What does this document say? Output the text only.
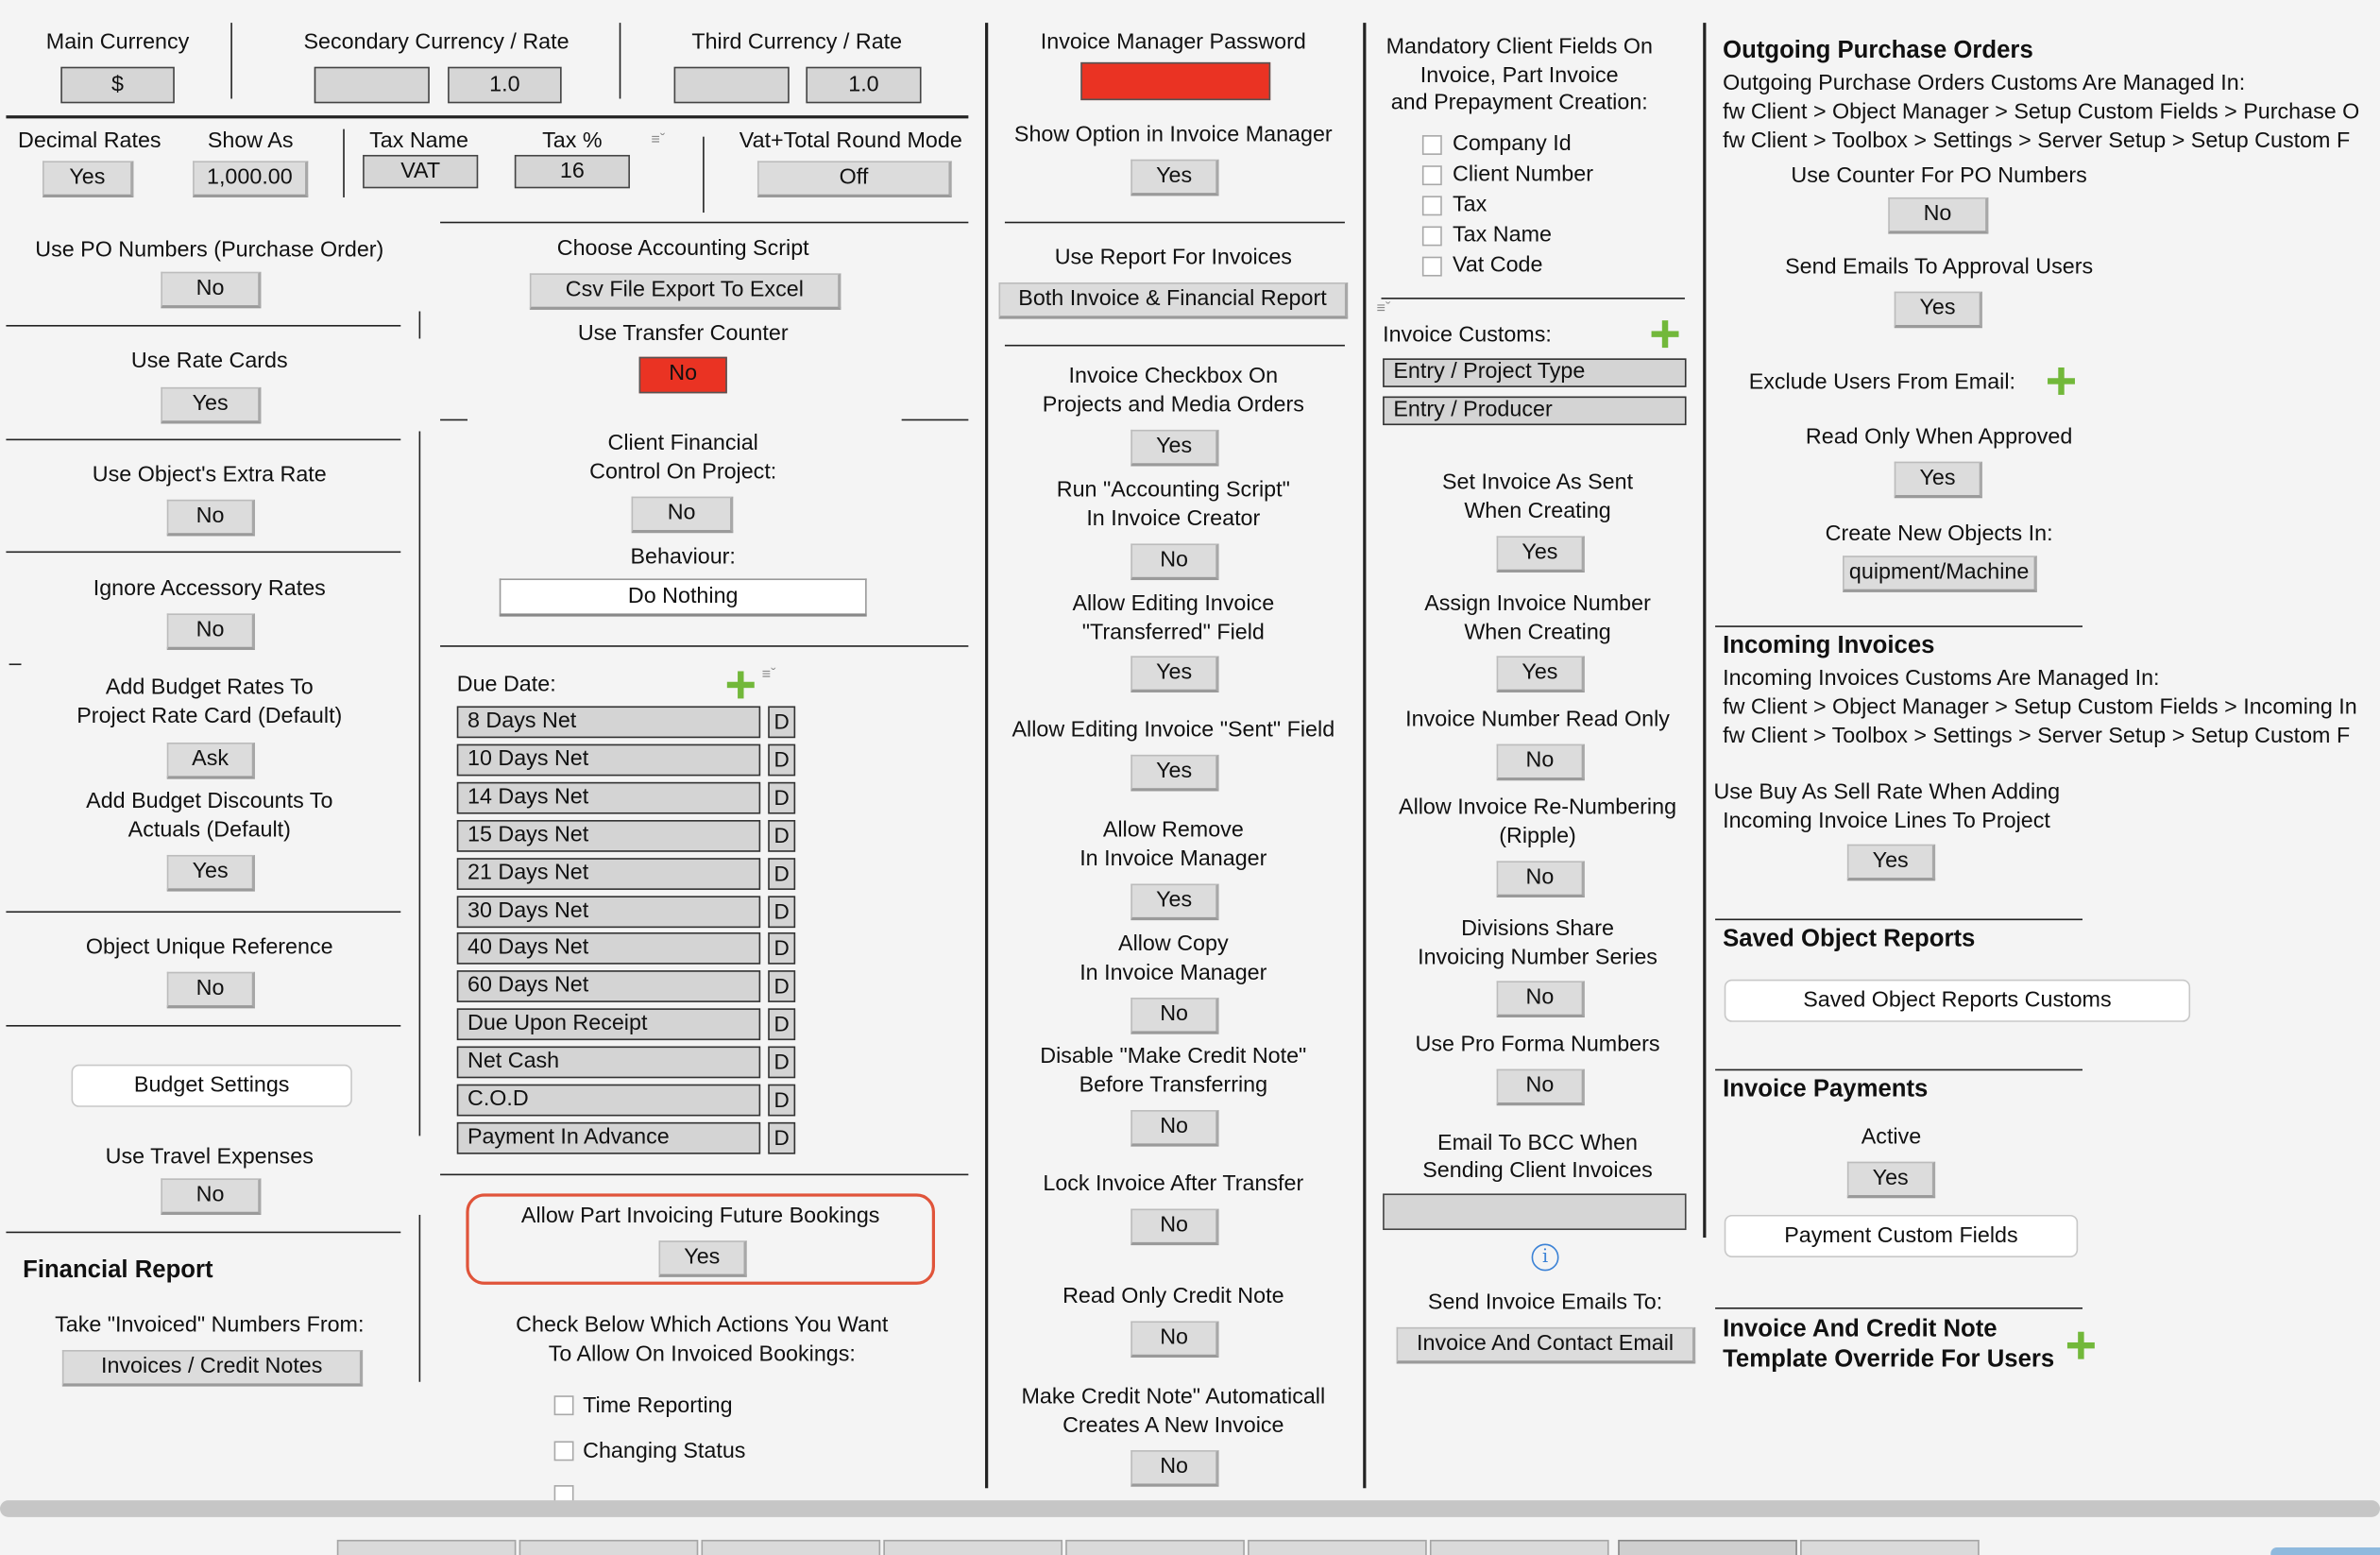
Main Currency
$
Secondary Currency / Rate
1.0
Third Currency / Rate
1.0
Decimal Rates
Yes
Show As
1,000.00
Tax Name
VAT
Tax %
16
≡ˇ	Vat+Total Round Mode
Off
Use PO Numbers (Purchase Order)
No
Use Rate Cards
Yes
Use Object's Extra Rate
No
Ignore Accessory Rates
No
Add Budget Rates To
Project Rate Card (Default)
Ask
Add Budget Discounts To
Actuals (Default)
Yes
Object Unique Reference
No
Budget Settings
Use Travel Expenses
No
Financial Report
Take "Invoiced" Numbers From:
Invoices / Credit Notes
Choose Accounting Script
Csv File Export To Excel
Use Transfer Counter
No
Client Financial
Control On Project:
No
Behaviour:
Do Nothing
Due Date:	≡ˇ
8 Days Net	D
10 Days Net	D
14 Days Net	D
15 Days Net	D
21 Days Net	D
30 Days Net	D
40 Days Net	D
60 Days Net	D
Due Upon Receipt	D
Net Cash	D
C.O.D	D
Payment In Advance	D
Allow Part Invoicing Future Bookings
Yes
Check Below Which Actions You Want
To Allow On Invoiced Bookings:
Time Reporting
Changing Status
Invoice Manager Password
Show Option in Invoice Manager
Yes
Use Report For Invoices
Both Invoice & Financial Report
Invoice Checkbox On
Projects and Media Orders
Yes
Run "Accounting Script"
In Invoice Creator
No
Allow Editing Invoice
"Transferred" Field
Yes
Allow Editing Invoice "Sent" Field
Yes
Allow Remove
In Invoice Manager
Yes
Allow Copy
In Invoice Manager
No
Disable "Make Credit Note"
Before Transferring
No
Lock Invoice After Transfer
No
Read Only Credit Note
No
Make Credit Note" Automaticall
Creates A New Invoice
No
Mandatory Client Fields On
Invoice, Part Invoice
and Prepayment Creation:
Company Id
Client Number
Tax
Tax Name
Vat Code
≡ˇ
Invoice Customs:
Entry / Project Type
Entry / Producer
Set Invoice As Sent
When Creating
Yes
Assign Invoice Number
When Creating
Yes
Invoice Number Read Only
No
Allow Invoice Re-Numbering
(Ripple)
No
Divisions Share
Invoicing Number Series
No
Use Pro Forma Numbers
No
Email To BCC When
Sending Client Invoices
i
Send Invoice Emails To:
Invoice And Contact Email
Outgoing Purchase Orders
Outgoing Purchase Orders Customs Are Managed In:
fw Client > Object Manager > Setup Custom Fields > Purchase O
fw Client > Toolbox > Settings > Server Setup > Setup Custom F
Use Counter For PO Numbers
No
Send Emails To Approval Users
Yes
Exclude Users From Email:
Read Only When Approved
Yes
Create New Objects In:
quipment/Machine
Incoming Invoices
Incoming Invoices Customs Are Managed In:
fw Client > Object Manager > Setup Custom Fields > Incoming In
fw Client > Toolbox > Settings > Server Setup > Setup Custom F
Use Buy As Sell Rate When Adding
Incoming Invoice Lines To Project
Yes
Saved Object Reports
Saved Object Reports Customs
Invoice Payments
Active
Yes
Payment Custom Fields
Invoice And Credit Note
Template Override For Users
